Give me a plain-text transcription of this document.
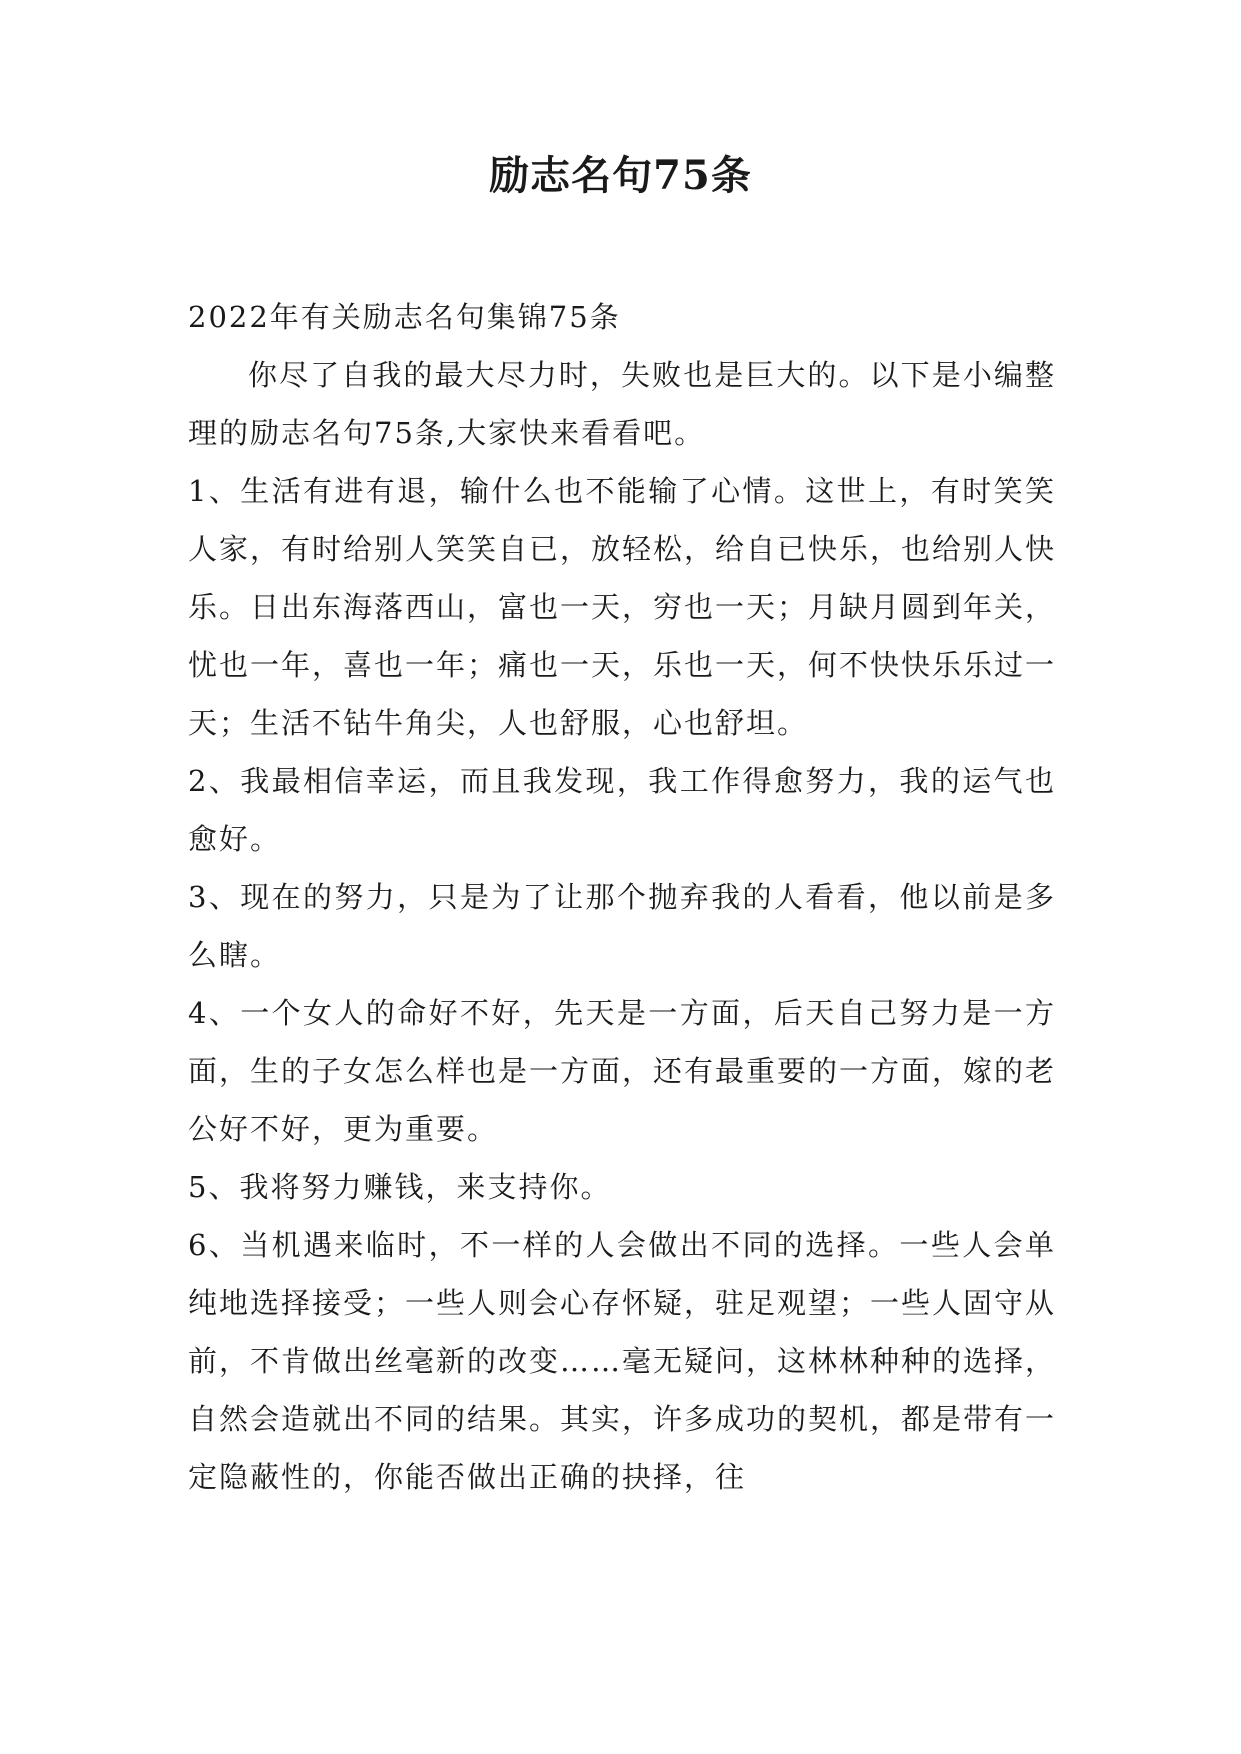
励志名句75条

2022年有关励志名句集锦75条

你尽了自我的最大尽力时，失败也是巨大的。以下是小编整理的励志名句75条,大家快来看看吧。

1、生活有进有退，输什么也不能输了心情。这世上，有时笑笑人家，有时给别人笑笑自已，放轻松，给自已快乐，也给别人快乐。日出东海落西山，富也一天，穷也一天；月缺月圆到年关，忧也一年，喜也一年；痛也一天，乐也一天，何不快快乐乐过一天；生活不钻牛角尖，人也舒服，心也舒坦。

2、我最相信幸运，而且我发现，我工作得愈努力，我的运气也愈好。

3、现在的努力，只是为了让那个抛弃我的人看看，他以前是多么瞎。

4、一个女人的命好不好，先天是一方面，后天自己努力是一方面，生的子女怎么样也是一方面，还有最重要的一方面，嫁的老公好不好，更为重要。

5、我将努力赚钱，来支持你。

6、当机遇来临时，不一样的人会做出不同的选择。一些人会单纯地选择接受；一些人则会心存怀疑，驻足观望；一些人固守从前，不肯做出丝毫新的改变……毫无疑问，这林林种种的选择，自然会造就出不同的结果。其实，许多成功的契机，都是带有一定隐蔽性的，你能否做出正确的抉择，往
